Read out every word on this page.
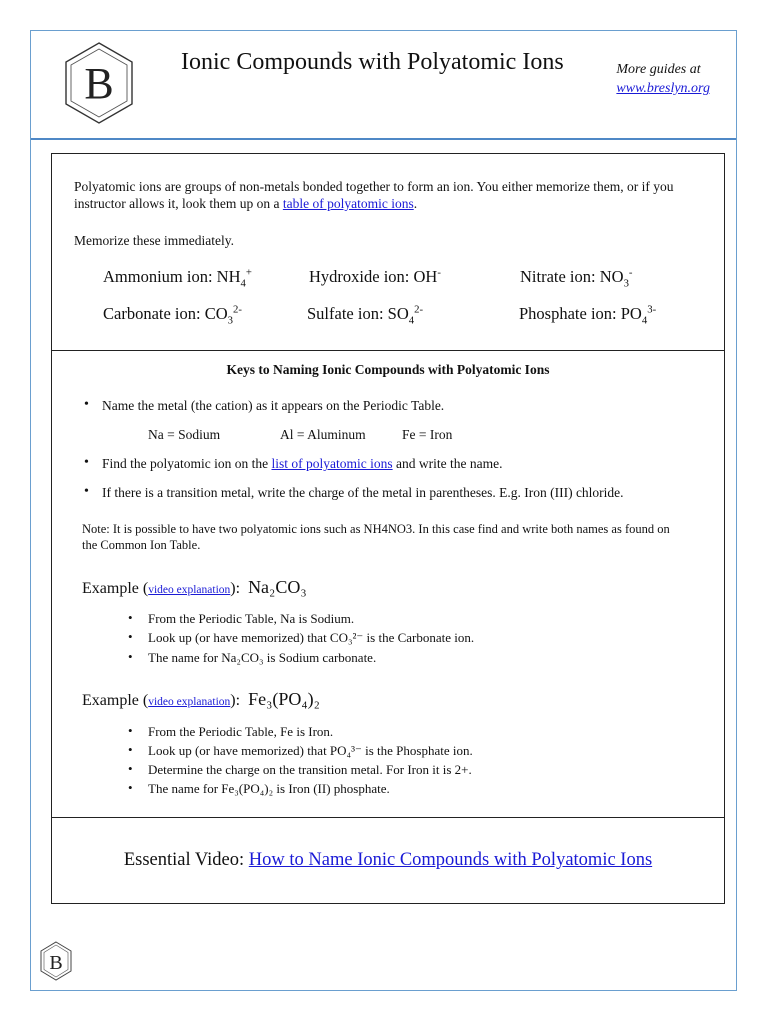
B	Ionic Compounds with Polyatomic Ions	More guides at
www.breslyn.org
Polyatomic ions are groups of non-metals bonded together to form an ion. You either memorize them, or if you instructor allows it, look them up on a table of polyatomic ions.
Memorize these immediately.
Ammonium ion: $NH_4^+$	Hydroxide ion: OH-	Nitrate ion: $NO_3^-$
Carbonate ion: $CO_3^{2-}$	Sulfate ion: $SO_4^{2-}$	Phosphate ion: $PO_4^{3-}$
Keys to Naming Ionic Compounds with Polyatomic Ions
• Name the metal (the cation) as it appears on the Periodic Table.
Na = Sodium	Al = Aluminum	Fe = Iron
• Find the polyatomic ion on the list of polyatomic ions and write the name.
• If there is a transition metal, write the charge of the metal in parentheses. E.g. Iron (III) chloride.
Note: It is possible to have two polyatomic ions such as NH4NO3. In this case find and write both names as found on the Common Ion Table.
Example (video explanation): Na₂CO₃
• From the Periodic Table, Na is Sodium.
• Look up (or have memorized) that CO₃²⁻ is the Carbonate ion.
• The name for Na₂CO₃ is Sodium carbonate.
Example (video explanation): Fe₃(PO₄)₂
• From the Periodic Table, Fe is Iron.
• Look up (or have memorized) that PO₄³⁻ is the Phosphate ion.
• Determine the charge on the transition metal. For Iron it is 2+.
• The name for Fe₃(PO₄)₂ is Iron (II) phosphate.
Essential Video: How to Name Ionic Compounds with Polyatomic Ions
B
